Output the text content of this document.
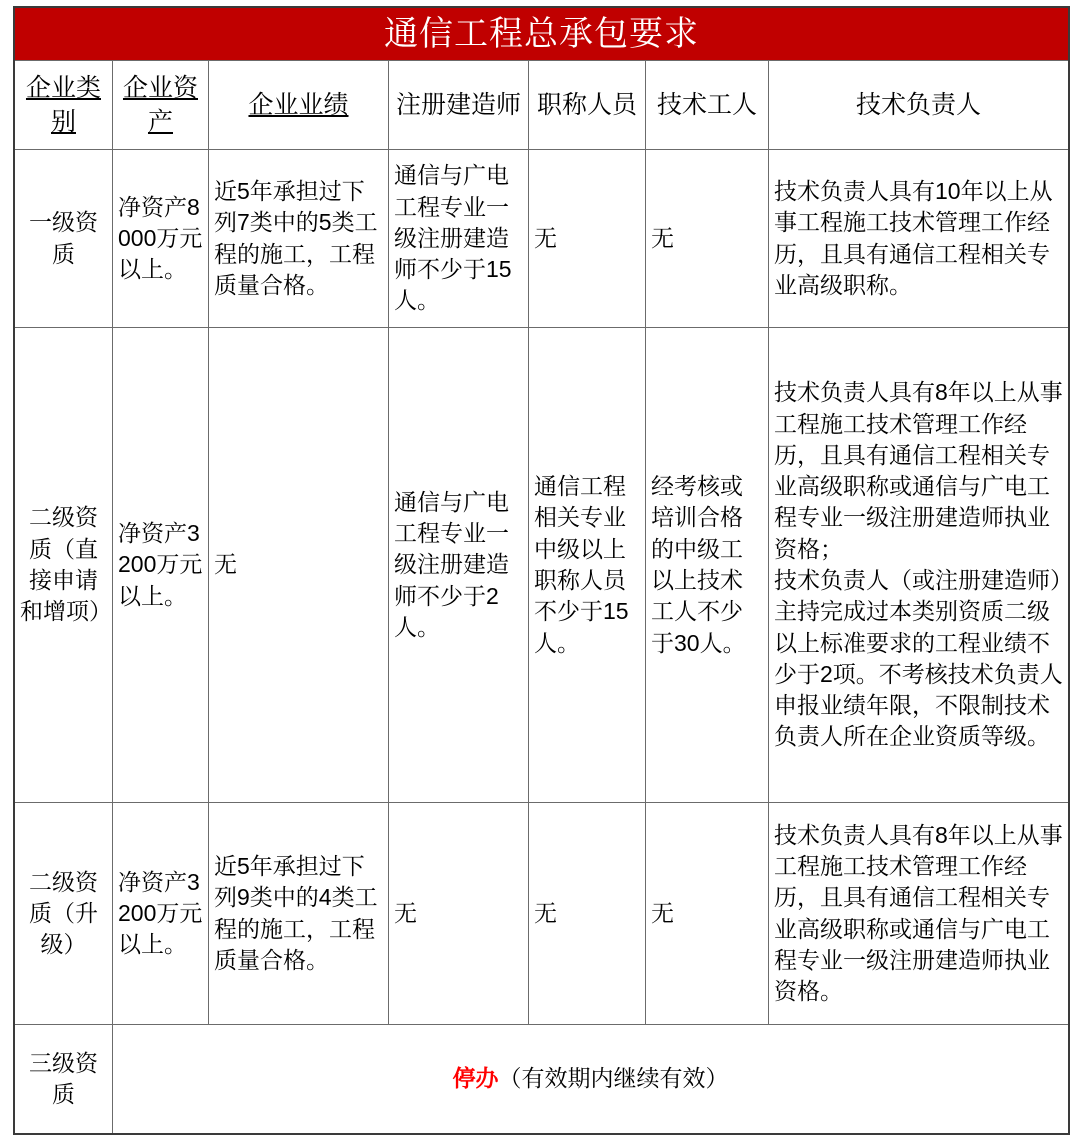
通信工程总承包要求						
企业类别	企业资产	企业业绩	注册建造师	职称人员	技术工人	技术负责人
一级资质	净资产8000万元以上。	近5年承担过下列7类中的5类工程的施工，工程质量合格。	通信与广电工程专业一级注册建造师不少于15人。	无	无	技术负责人具有10年以上从事工程施工技术管理工作经历，且具有通信工程相关专业高级职称。
二级资质（直接申请和增项）	净资产3200万元以上。	无	通信与广电工程专业一级注册建造师不少于2人。	通信工程相关专业中级以上职称人员不少于15人。	经考核或培训合格的中级工以上技术工人不少于30人。	技术负责人具有8年以上从事工程施工技术管理工作经历，且具有通信工程相关专业高级职称或通信与广电工程专业一级注册建造师执业资格；
技术负责人（或注册建造师）主持完成过本类别资质二级以上标准要求的工程业绩不少于2项。不考核技术负责人申报业绩年限，不限制技术负责人所在企业资质等级。
二级资质（升级）	净资产3200万元以上。	近5年承担过下列9类中的4类工程的施工，工程质量合格。	无	无	无	技术负责人具有8年以上从事工程施工技术管理工作经历，且具有通信工程相关专业高级职称或通信与广电工程专业一级注册建造师执业资格。
三级资质	停办（有效期内继续有效）					
